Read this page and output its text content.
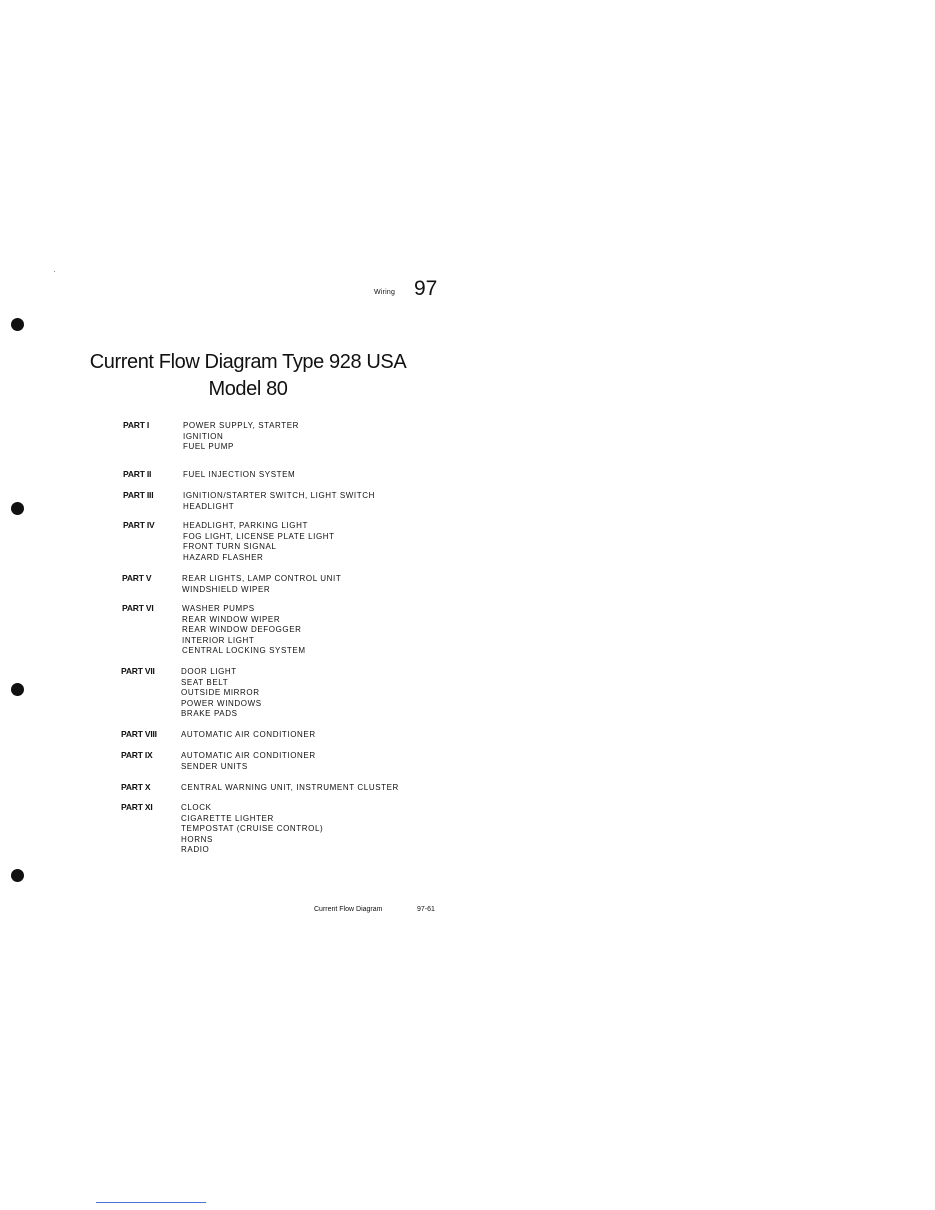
Wiring 97
Current Flow Diagram Type 928 USA
Model 80
PART I	POWER SUPPLY, STARTER
IGNITION
FUEL PUMP
PART II	FUEL INJECTION SYSTEM
PART III	IGNITION/STARTER SWITCH, LIGHT SWITCH
HEADLIGHT
PART IV	HEADLIGHT, PARKING LIGHT
FOG LIGHT, LICENSE PLATE LIGHT
FRONT TURN SIGNAL
HAZARD FLASHER
PART V	REAR LIGHTS, LAMP CONTROL UNIT
WINDSHIELD WIPER
PART VI	WASHER PUMPS
REAR WINDOW WIPER
REAR WINDOW DEFOGGER
INTERIOR LIGHT
CENTRAL LOCKING SYSTEM
PART VII	DOOR LIGHT
SEAT BELT
OUTSIDE MIRROR
POWER WINDOWS
BRAKE PADS
PART VIII	AUTOMATIC AIR CONDITIONER
PART IX	AUTOMATIC AIR CONDITIONER
SENDER UNITS
PART X	CENTRAL WARNING UNIT, INSTRUMENT CLUSTER
PART XI	CLOCK
CIGARETTE LIGHTER
TEMPOSTAT (CRUISE CONTROL)
HORNS
RADIO
Current Flow Diagram	97-61
